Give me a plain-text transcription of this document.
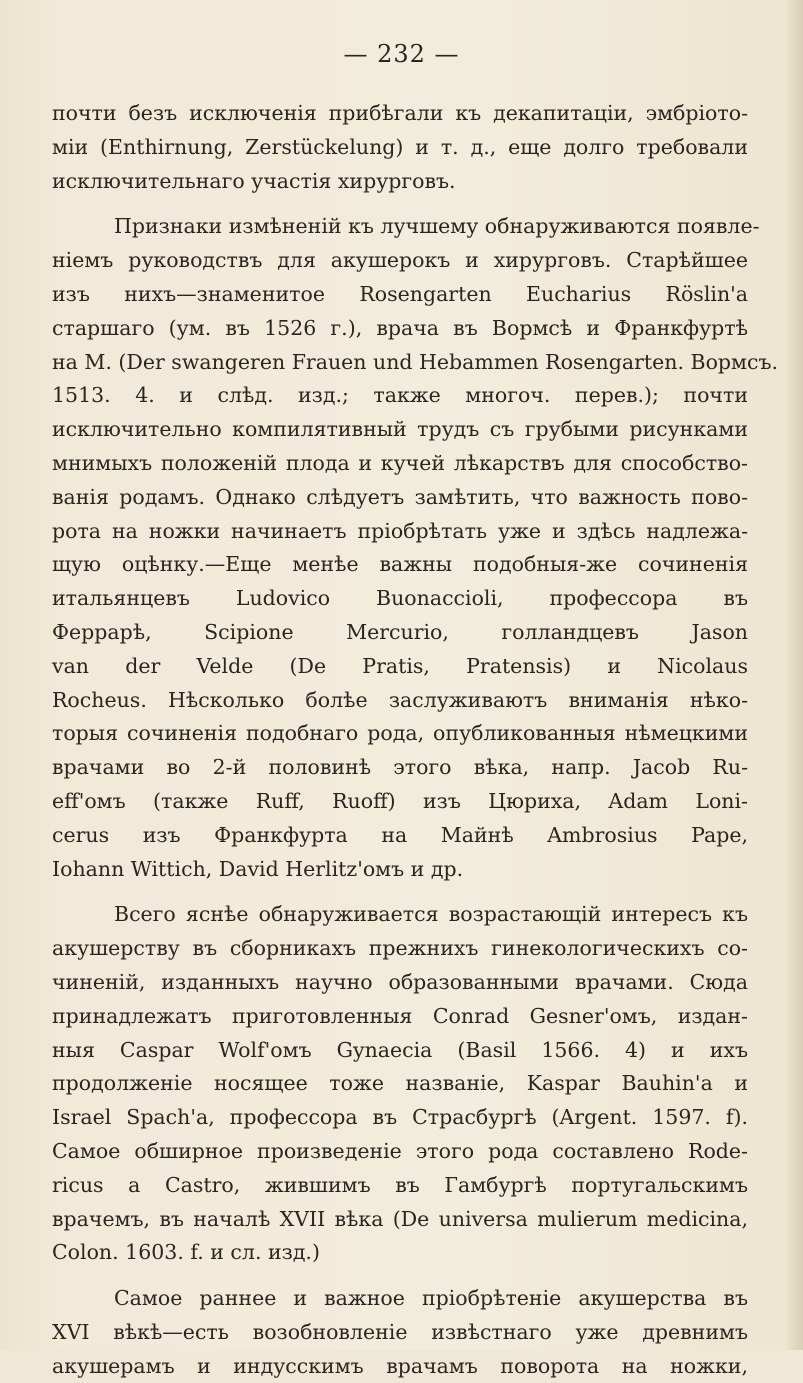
— 232 —
почти безъ исключенія прибѣгали къ декапитаціи, эмбріото-
міи (Enthirnung, Zerstückelung) и т. д., еще долго требовали
исключительнаго участія хирурговъ.
Признаки измѣненій къ лучшему обнаруживаются появле-
ніемъ руководствъ для акушерокъ и хирурговъ. Старѣйшее
изъ нихъ—знаменитое Rosengarten Eucharius Röslin'a
старшаго (ум. въ 1526 г.), врача въ Вормсѣ и Франкфуртѣ
на М. (Der swangeren Frauen und Hebammen Rosengarten. Вормсъ.
1513. 4. и слѣд. изд.; также многоч. перев.); почти
исключительно компилятивный трудъ съ грубыми рисунками
мнимыхъ положеній плода и кучей лѣкарствъ для способство-
ванія родамъ. Однако слѣдуетъ замѣтить, что важность пово-
рота на ножки начинаетъ пріобрѣтать уже и здѣсь надлежа-
щую оцѣнку.—Еще менѣе важны подобныя-же сочиненія
итальянцевъ Ludovico Buonaccioli, профессора въ
Феррарѣ, Scipione Mercurio, голландцевъ Jason
van der Velde (De Pratis, Pratensis) и Nicolaus
Rocheus. Нѣсколько болѣе заслуживаютъ вниманія нѣко-
торыя сочиненія подобнаго рода, опубликованныя нѣмецкими
врачами во 2-й половинѣ этого вѣка, напр. Jacob Ru-
eff'омъ (также Ruff, Ruoff) изъ Цюриха, Adam Loni-
cerus изъ Франкфурта на Майнѣ Ambrosius Pape,
Iohann Wittich, David Herlitz'омъ и др.
Всего яснѣе обнаруживается возрастающій интересъ къ
акушерству въ сборникахъ прежнихъ гинекологическихъ со-
чиненій, изданныхъ научно образованными врачами. Сюда
принадлежатъ приготовленныя Conrad Gesner'омъ, издан-
ныя Caspar Wolf'омъ Gynaecia (Basil 1566. 4) и ихъ
продолженіе носящее тоже названіе, Kaspar Bauhin'a и
Israel Spach'a, профессора въ Страсбургѣ (Argent. 1597. f).
Самое обширное произведеніе этого рода составлено Rode-
ricus a Castro, жившимъ въ Гамбургѣ португальскимъ
врачемъ, въ началѣ XVII вѣка (De universa mulierum medicina,
Colon. 1603. f. и сл. изд.)
Самое раннее и важное пріобрѣтеніе акушерства въ
XVI вѣкѣ—есть возобновленіе извѣстнаго уже древнимъ
акушерамъ и индусскимъ врачамъ поворота на ножки,
